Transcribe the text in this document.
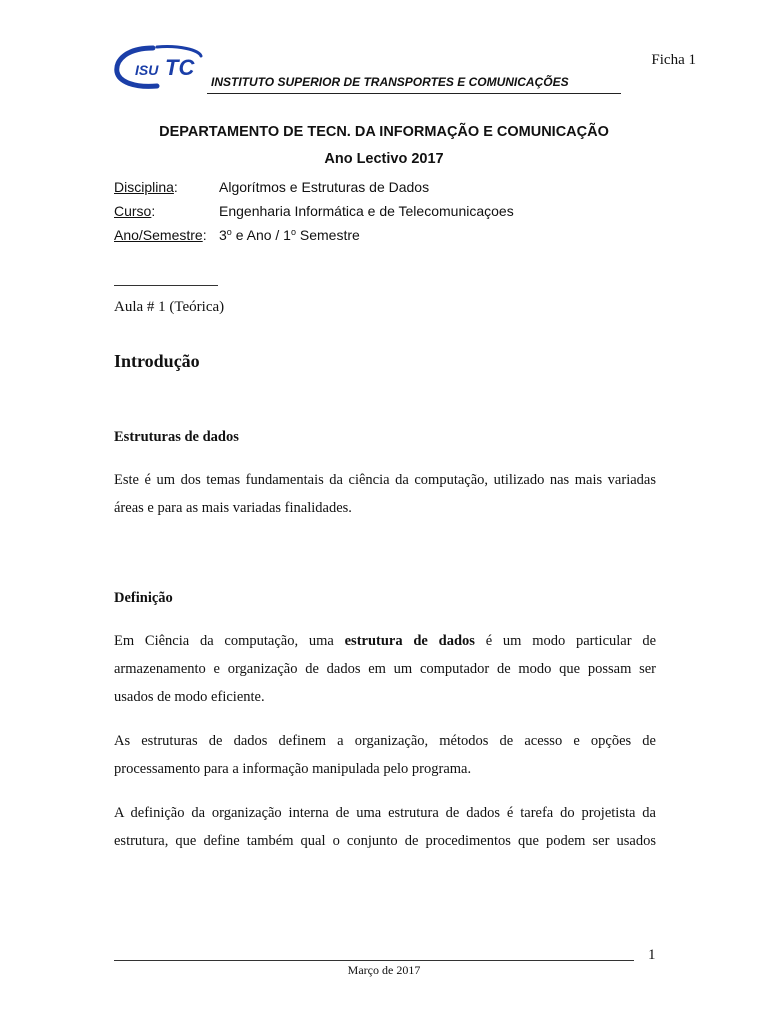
ISU TC	Ficha 1
INSTITUTO SUPERIOR DE TRANSPORTES E COMUNICAÇÕES
DEPARTAMENTO DE TECN. DA INFORMAÇÃO E COMUNICAÇÃO
Ano Lectivo 2017
Disciplina:	Algorítmos e Estruturas de Dados
Curso:	Engenharia Informática e de Telecomunicaçoes
Ano/Semestre: 3$^o$ e Ano / 1$^o$ Semestre
Aula # 1 (Teórica)
Introdução
Estruturas de dados
Este é um dos temas fundamentais da ciência da computação, utilizado nas mais variadas
áreas e para as mais variadas finalidades.
Definição
Em Ciência da computação, uma estrutura de dados é um modo particular de
armazenamento e organização de dados em um computador de modo que possam ser
usados de modo eficiente.
As estruturas de dados definem a organização, métodos de acesso e opções de
processamento para a informação manipulada pelo programa.
A definição da organização interna de uma estrutura de dados é tarefa do projetista da
estrutura, que define também qual o conjunto de procedimentos que podem ser usados
1
Março de 2017
